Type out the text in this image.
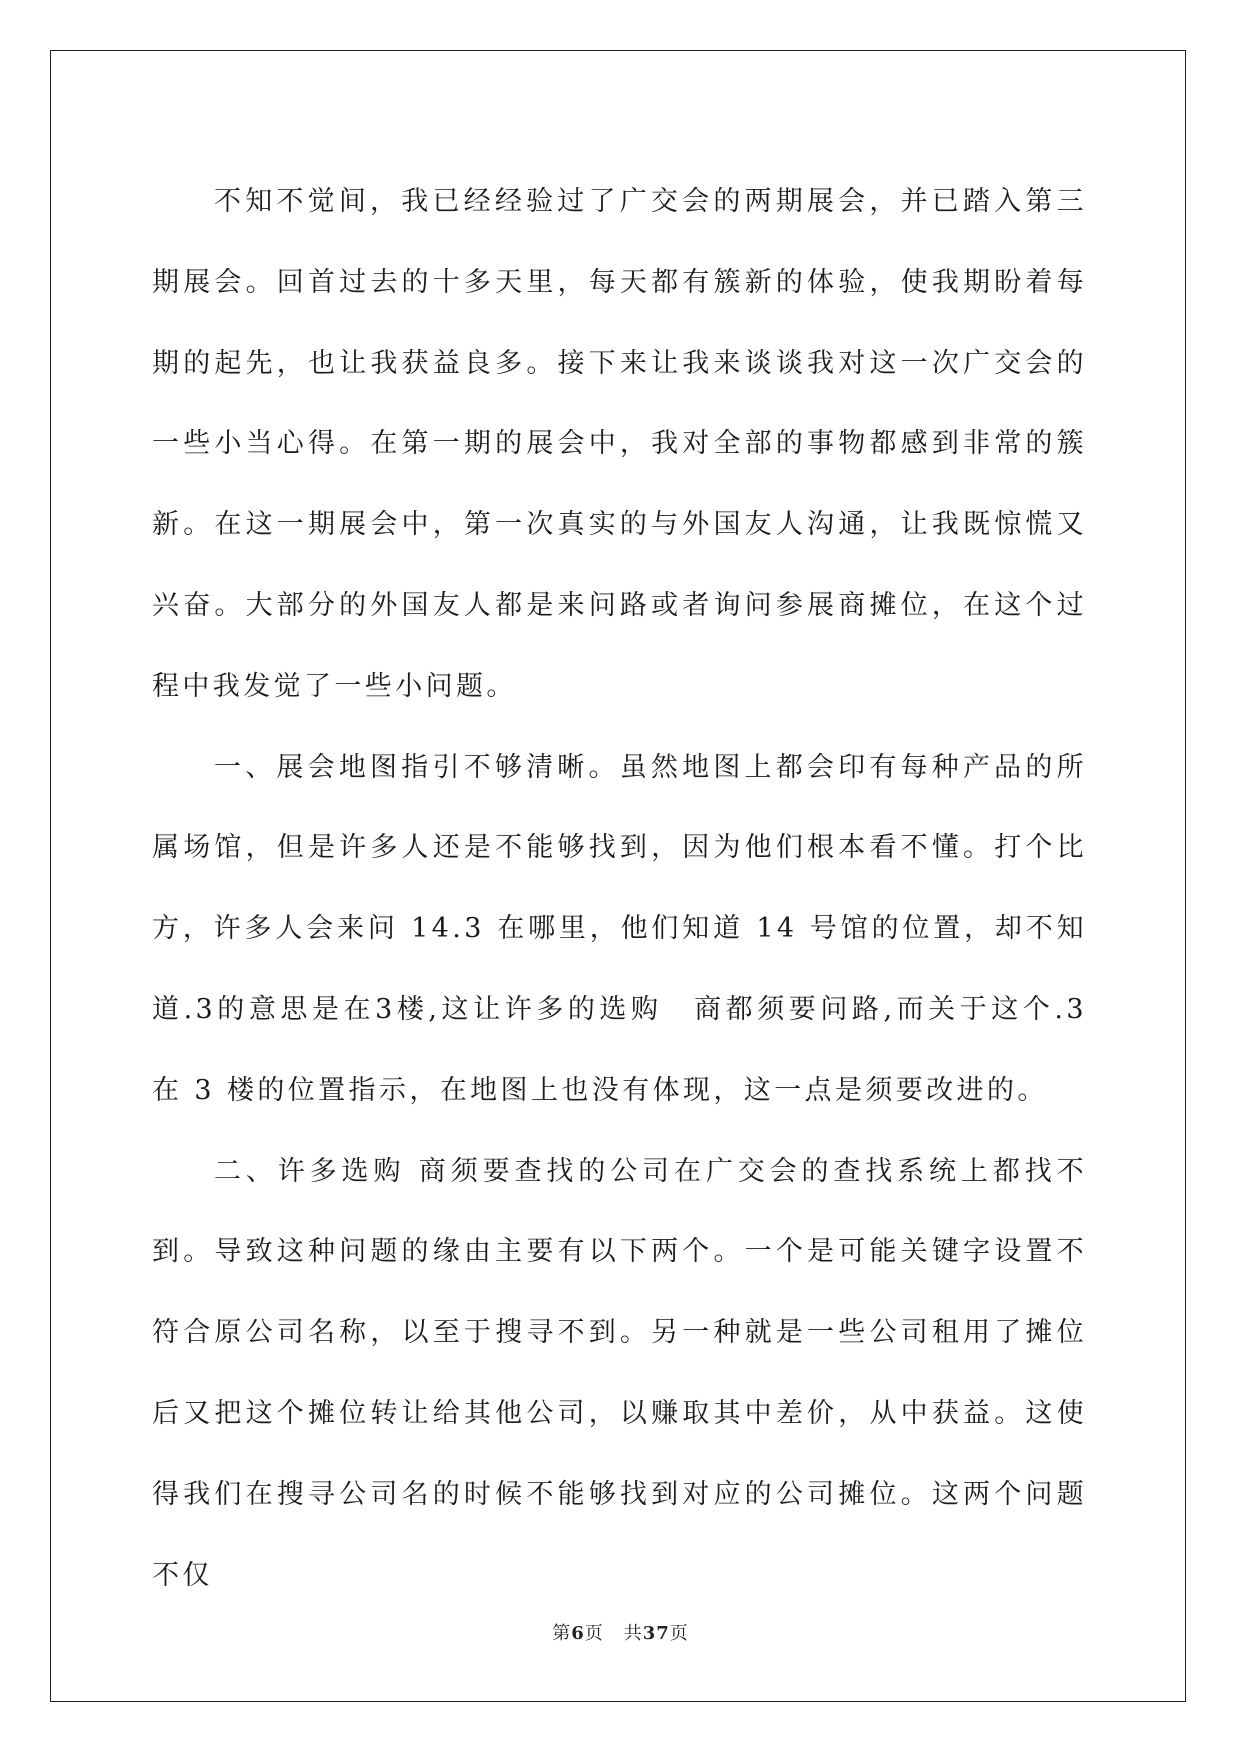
不知不觉间，我已经经验过了广交会的两期展会，并已踏入第三期展会。回首过去的十多天里，每天都有簇新的体验，使我期盼着每期的起先，也让我获益良多。接下来让我来谈谈我对这一次广交会的一些小当心得。在第一期的展会中，我对全部的事物都感到非常的簇新。在这一期展会中，第一次真实的与外国友人沟通，让我既惊慌又兴奋。大部分的外国友人都是来问路或者询问参展商摊位，在这个过程中我发觉了一些小问题。

一、展会地图指引不够清晰。虽然地图上都会印有每种产品的所属场馆，但是许多人还是不能够找到，因为他们根本看不懂。打个比方，许多人会来问 14.3 在哪里，他们知道 14 号馆的位置，却不知道.3的意思是在3楼,这让许多的选购　商都须要问路,而关于这个.3 在 3 楼的位置指示，在地图上也没有体现，这一点是须要改进的。

二、许多选购 商须要查找的公司在广交会的查找系统上都找不到。导致这种问题的缘由主要有以下两个。一个是可能关键字设置不符合原公司名称，以至于搜寻不到。另一种就是一些公司租用了摊位后又把这个摊位转让给其他公司，以赚取其中差价，从中获益。这使得我们在搜寻公司名的时候不能够找到对应的公司摊位。这两个问题不仅

第6页 共37页
